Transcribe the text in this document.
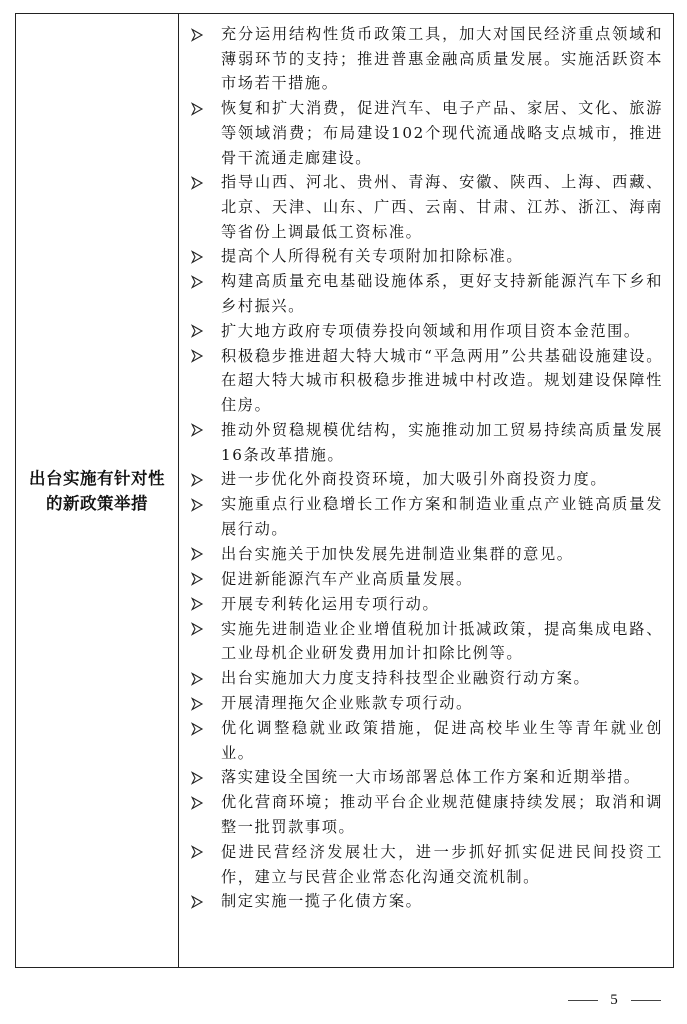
出台实施有针对性
的新政策举措
充分运用结构性货币政策工具，加大对国民经济重点领域和薄弱环节的支持；推进普惠金融高质量发展。实施活跃资本市场若干措施。
恢复和扩大消费，促进汽车、电子产品、家居、文化、旅游等领域消费；布局建设102个现代流通战略支点城市，推进骨干流通走廊建设。
指导山西、河北、贵州、青海、安徽、陕西、上海、西藏、北京、天津、山东、广西、云南、甘肃、江苏、浙江、海南等省份上调最低工资标准。
提高个人所得税有关专项附加扣除标准。
构建高质量充电基础设施体系，更好支持新能源汽车下乡和乡村振兴。
扩大地方政府专项债券投向领域和用作项目资本金范围。
积极稳步推进超大特大城市“平急两用”公共基础设施建设。在超大特大城市积极稳步推进城中村改造。规划建设保障性住房。
推动外贸稳规模优结构，实施推动加工贸易持续高质量发展16条改革措施。
进一步优化外商投资环境，加大吸引外商投资力度。
实施重点行业稳增长工作方案和制造业重点产业链高质量发展行动。
出台实施关于加快发展先进制造业集群的意见。
促进新能源汽车产业高质量发展。
开展专利转化运用专项行动。
实施先进制造业企业增值税加计抵减政策，提高集成电路、工业母机企业研发费用加计扣除比例等。
出台实施加大力度支持科技型企业融资行动方案。
开展清理拖欠企业账款专项行动。
优化调整稳就业政策措施，促进高校毕业生等青年就业创业。
落实建设全国统一大市场部署总体工作方案和近期举措。
优化营商环境；推动平台企业规范健康持续发展；取消和调整一批罚款事项。
促进民营经济发展壮大，进一步抓好抓实促进民间投资工作，建立与民营企业常态化沟通交流机制。
制定实施一揽子化债方案。
5
